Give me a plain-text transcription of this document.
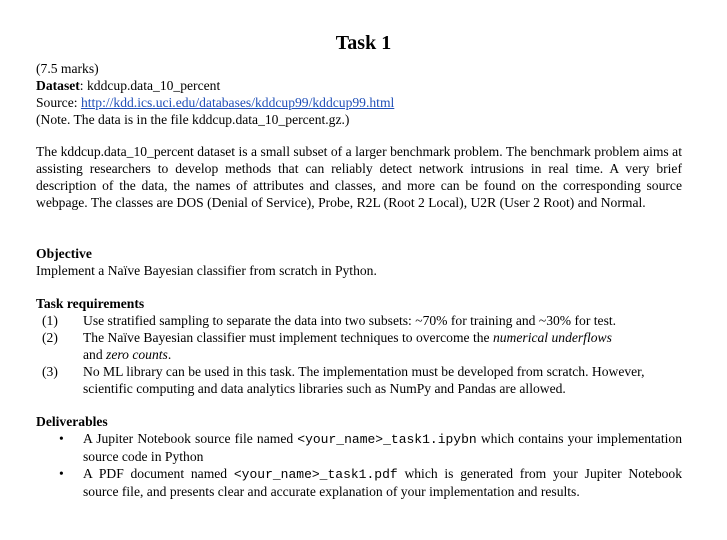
Task 1
(7.5 marks)
Dataset: kddcup.data_10_percent
Source: http://kdd.ics.uci.edu/databases/kddcup99/kddcup99.html
(Note. The data is in the file kddcup.data_10_percent.gz.)
The kddcup.data_10_percent dataset is a small subset of a larger benchmark problem. The benchmark problem aims at assisting researchers to develop methods that can reliably detect network intrusions in real time. A very brief description of the data, the names of attributes and classes, and more can be found on the corresponding source webpage. The classes are DOS (Denial of Service), Probe, R2L (Root 2 Local), U2R (User 2 Root) and Normal.
Objective
Implement a Naïve Bayesian classifier from scratch in Python.
Task requirements
(1) Use stratified sampling to separate the data into two subsets: ~70% for training and ~30% for test.
(2) The Naïve Bayesian classifier must implement techniques to overcome the numerical underflows
and zero counts.
(3) No ML library can be used in this task. The implementation must be developed from scratch. However, scientific computing and data analytics libraries such as NumPy and Pandas are allowed.
Deliverables
• A Jupiter Notebook source file named <your_name>_task1.ipybn which contains your implementation source code in Python
• A PDF document named <your_name>_task1.pdf which is generated from your Jupiter Notebook source file, and presents clear and accurate explanation of your implementation and results.
